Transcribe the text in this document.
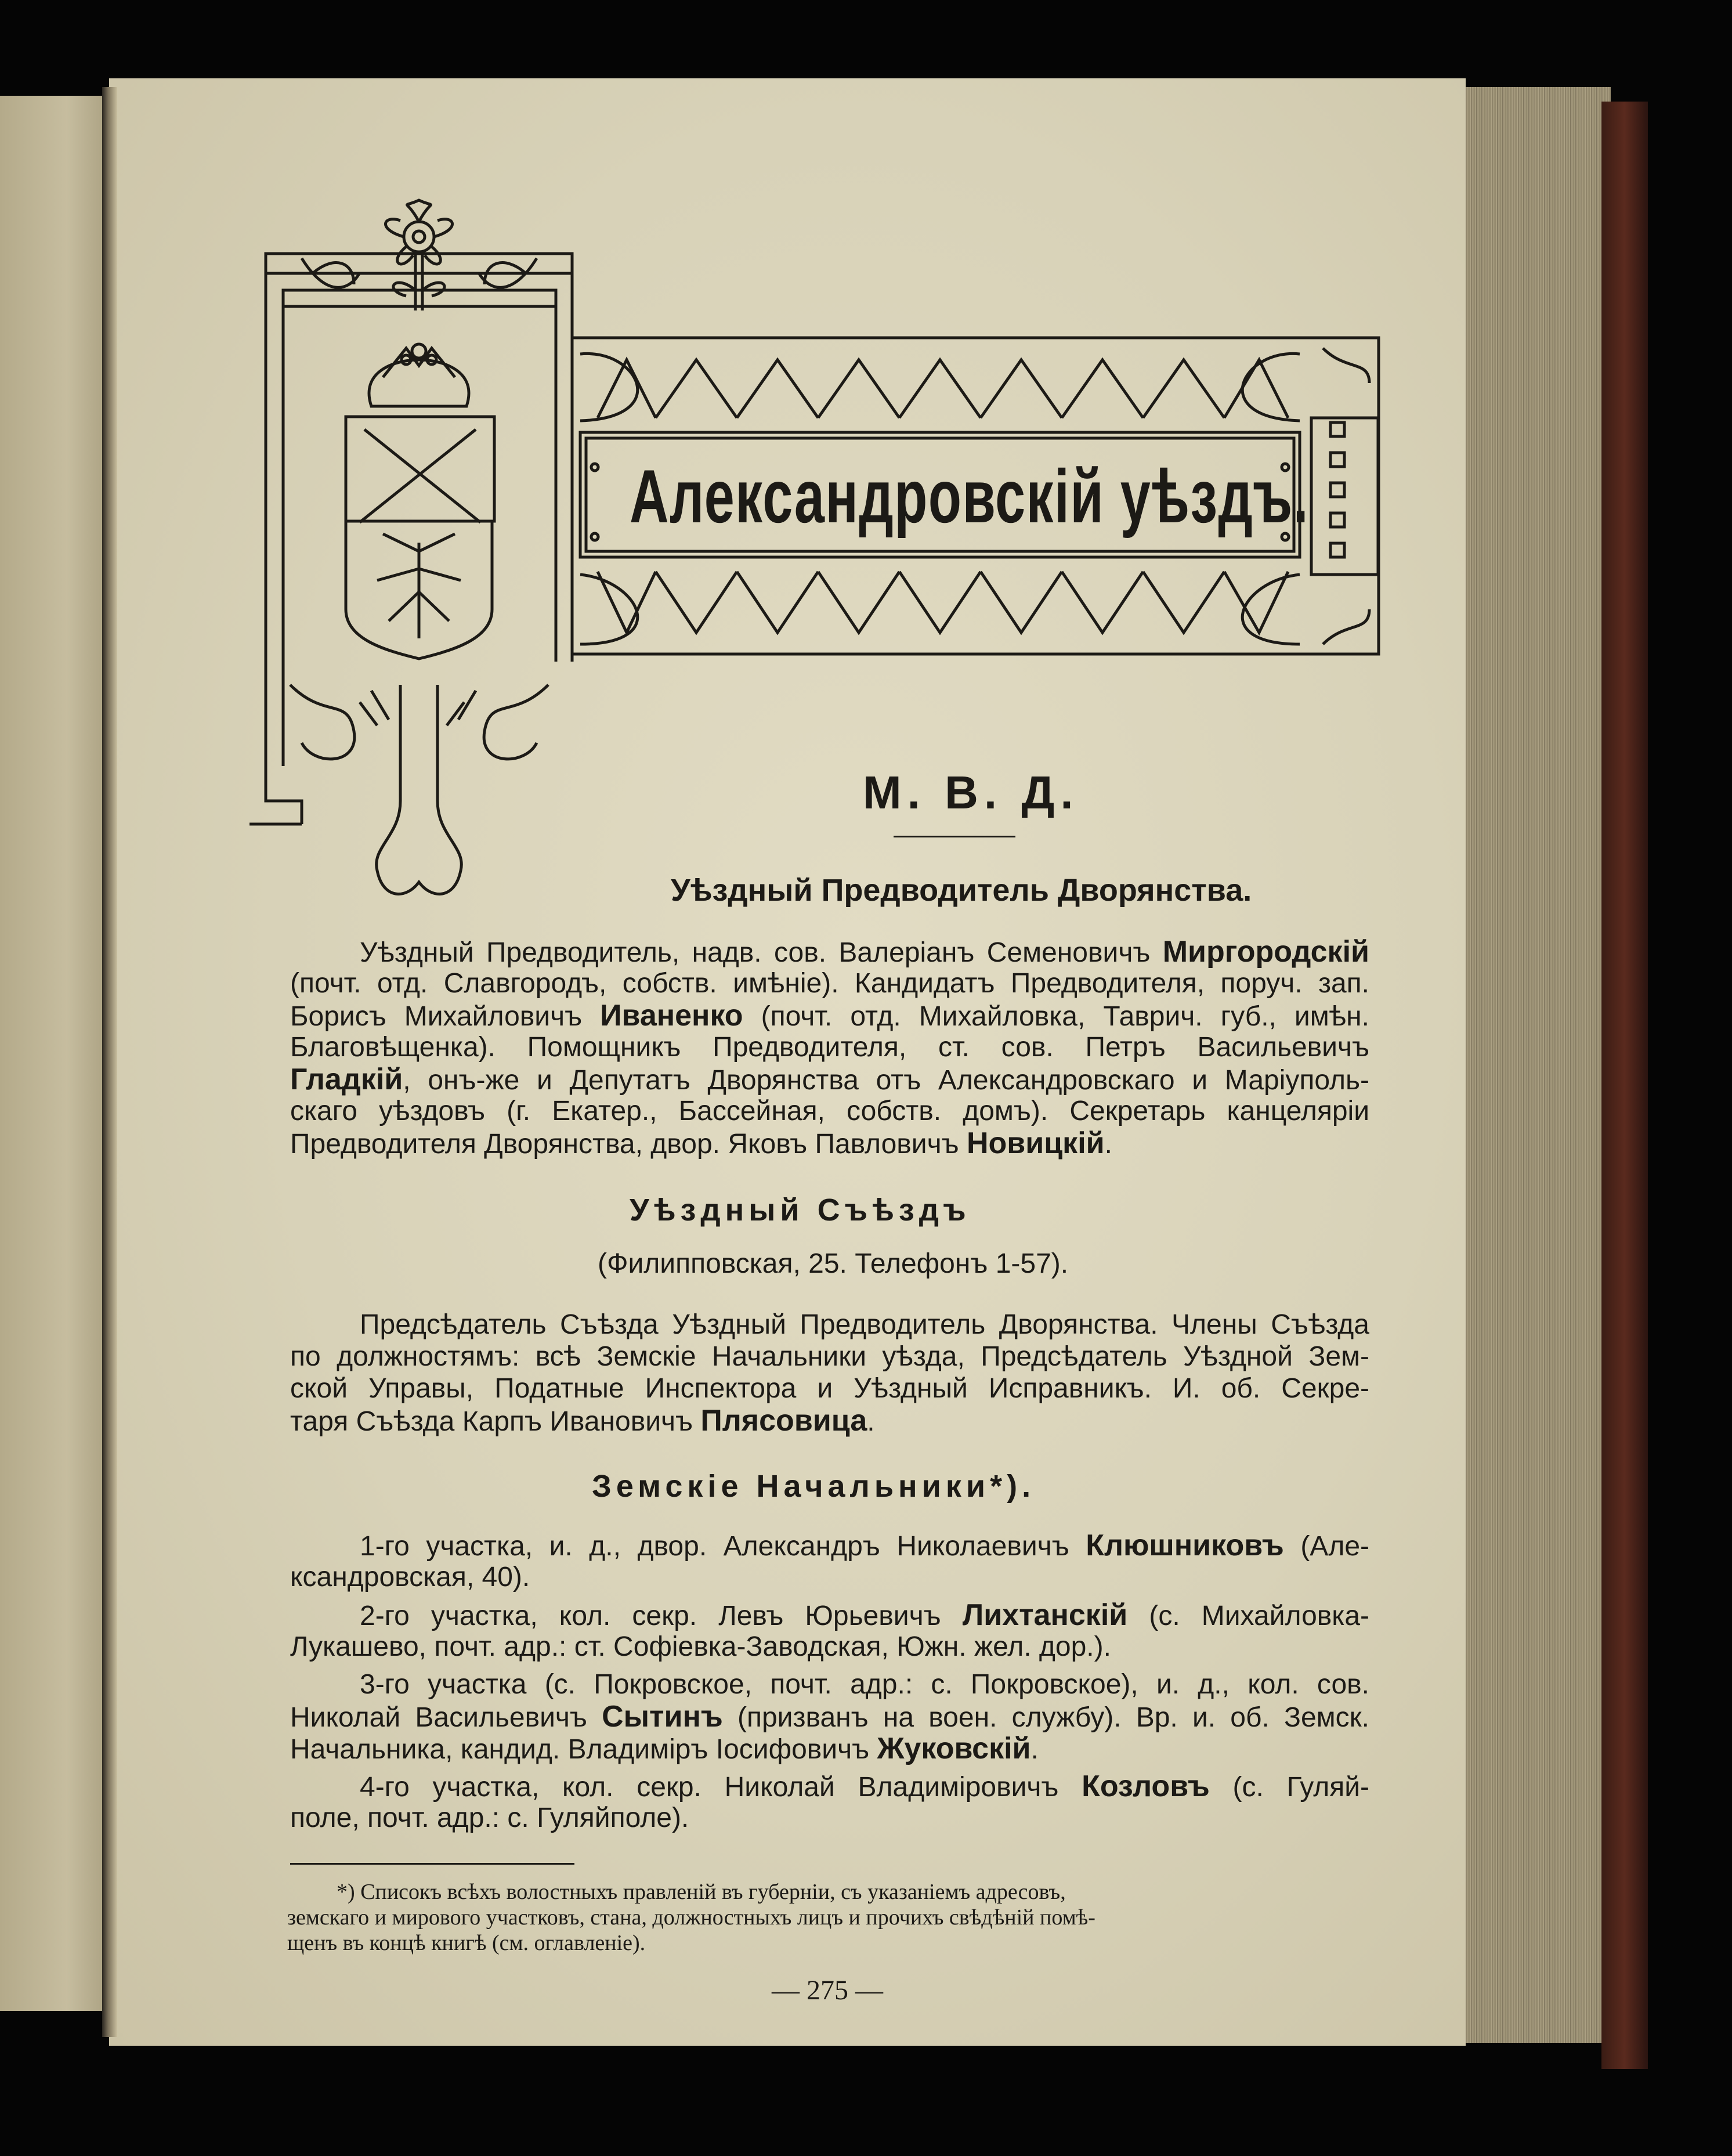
Александровскій уѣздъ.
М. В. Д.
Уѣздный Предводитель Дворянства.
Уѣздный Предводитель, надв. сов. Валеріанъ Семеновичъ Миргородскій
(почт. отд. Славгородъ, собств. имѣніе). Кандидатъ Предводителя, поруч. зап.
Борисъ Михайловичъ Иваненко (почт. отд. Михайловка, Таврич. губ., имѣн.
Благовѣщенка). Помощникъ Предводителя, ст. сов. Петръ Васильевичъ
Гладкій, онъ-же и Депутатъ Дворянства отъ Александровскаго и Маріуполь-
скаго уѣздовъ (г. Екатер., Бассейная, собств. домъ). Секретарь канцеляріи
Предводителя Дворянства, двор. Яковъ Павловичъ Новицкій.
Уѣздный Съѣздъ
(Филипповская, 25. Телефонъ 1-57).
Предсѣдатель Съѣзда Уѣздный Предводитель Дворянства. Члены Съѣзда
по должностямъ: всѣ Земскіе Начальники уѣзда, Предсѣдатель Уѣздной Зем-
ской Управы, Податные Инспектора и Уѣздный Исправникъ. И. об. Секре-
таря Съѣзда Карпъ Ивановичъ Плясовица.
Земскіе Начальники*).
1-го участка, и. д., двор. Александръ Николаевичъ Клюшниковъ (Але-
ксандровская, 40).
2-го участка, кол. секр. Левъ Юрьевичъ Лихтанскій (с. Михайловка-
Лукашево, почт. адр.: ст. Софіевка-Заводская, Южн. жел. дор.).
3-го участка (с. Покровское, почт. адр.: с. Покровское), и. д., кол. сов.
Николай Васильевичъ Сытинъ (призванъ на воен. службу). Вр. и. об. Земск.
Начальника, кандид. Владиміръ Іосифовичъ Жуковскій.
4-го участка, кол. секр. Николай Владиміровичъ Козловъ (с. Гуляй-
поле, почт. адр.: с. Гуляйполе).
*) Списокъ всѣхъ волостныхъ правленій въ губерніи, съ указаніемъ адресовъ,
земскаго и мирового участковъ, стана, должностныхъ лицъ и прочихъ свѣдѣній помѣ-
щенъ въ концѣ книгѣ (см. оглавленіе).
— 275 —
